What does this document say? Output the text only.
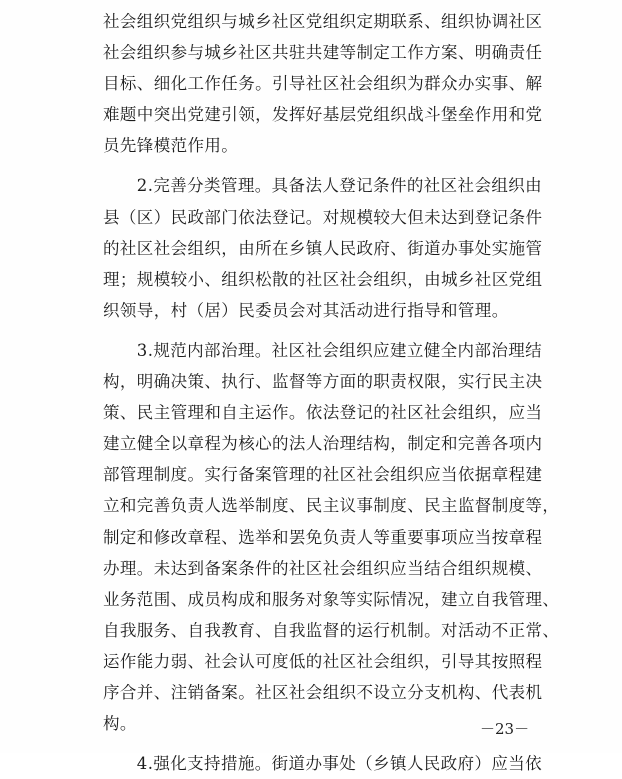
社会组织党组织与城乡社区党组织定期联系、组织协调社区
社会组织参与城乡社区共驻共建等制定工作方案、明确责任
目标、细化工作任务。引导社区社会组织为群众办实事、解
难题中突出党建引领，发挥好基层党组织战斗堡垒作用和党
员先锋模范作用。
　　2.完善分类管理。具备法人登记条件的社区社会组织由
县（区）民政部门依法登记。对规模较大但未达到登记条件
的社区社会组织，由所在乡镇人民政府、街道办事处实施管
理；规模较小、组织松散的社区社会组织，由城乡社区党组
织领导，村（居）民委员会对其活动进行指导和管理。
　　3.规范内部治理。社区社会组织应建立健全内部治理结
构，明确决策、执行、监督等方面的职责权限，实行民主决
策、民主管理和自主运作。依法登记的社区社会组织，应当
建立健全以章程为核心的法人治理结构，制定和完善各项内
部管理制度。实行备案管理的社区社会组织应当依据章程建
立和完善负责人选举制度、民主议事制度、民主监督制度等，
制定和修改章程、选举和罢免负责人等重要事项应当按章程
办理。未达到备案条件的社区社会组织应当结合组织规模、
业务范围、成员构成和服务对象等实际情况，建立自我管理、
自我服务、自我教育、自我监督的运行机制。对活动不正常、
运作能力弱、社会认可度低的社区社会组织，引导其按照程
序合并、注销备案。社区社会组织不设立分支机构、代表机
构。
　　4.强化支持措施。街道办事处（乡镇人民政府）应当依
－23－
